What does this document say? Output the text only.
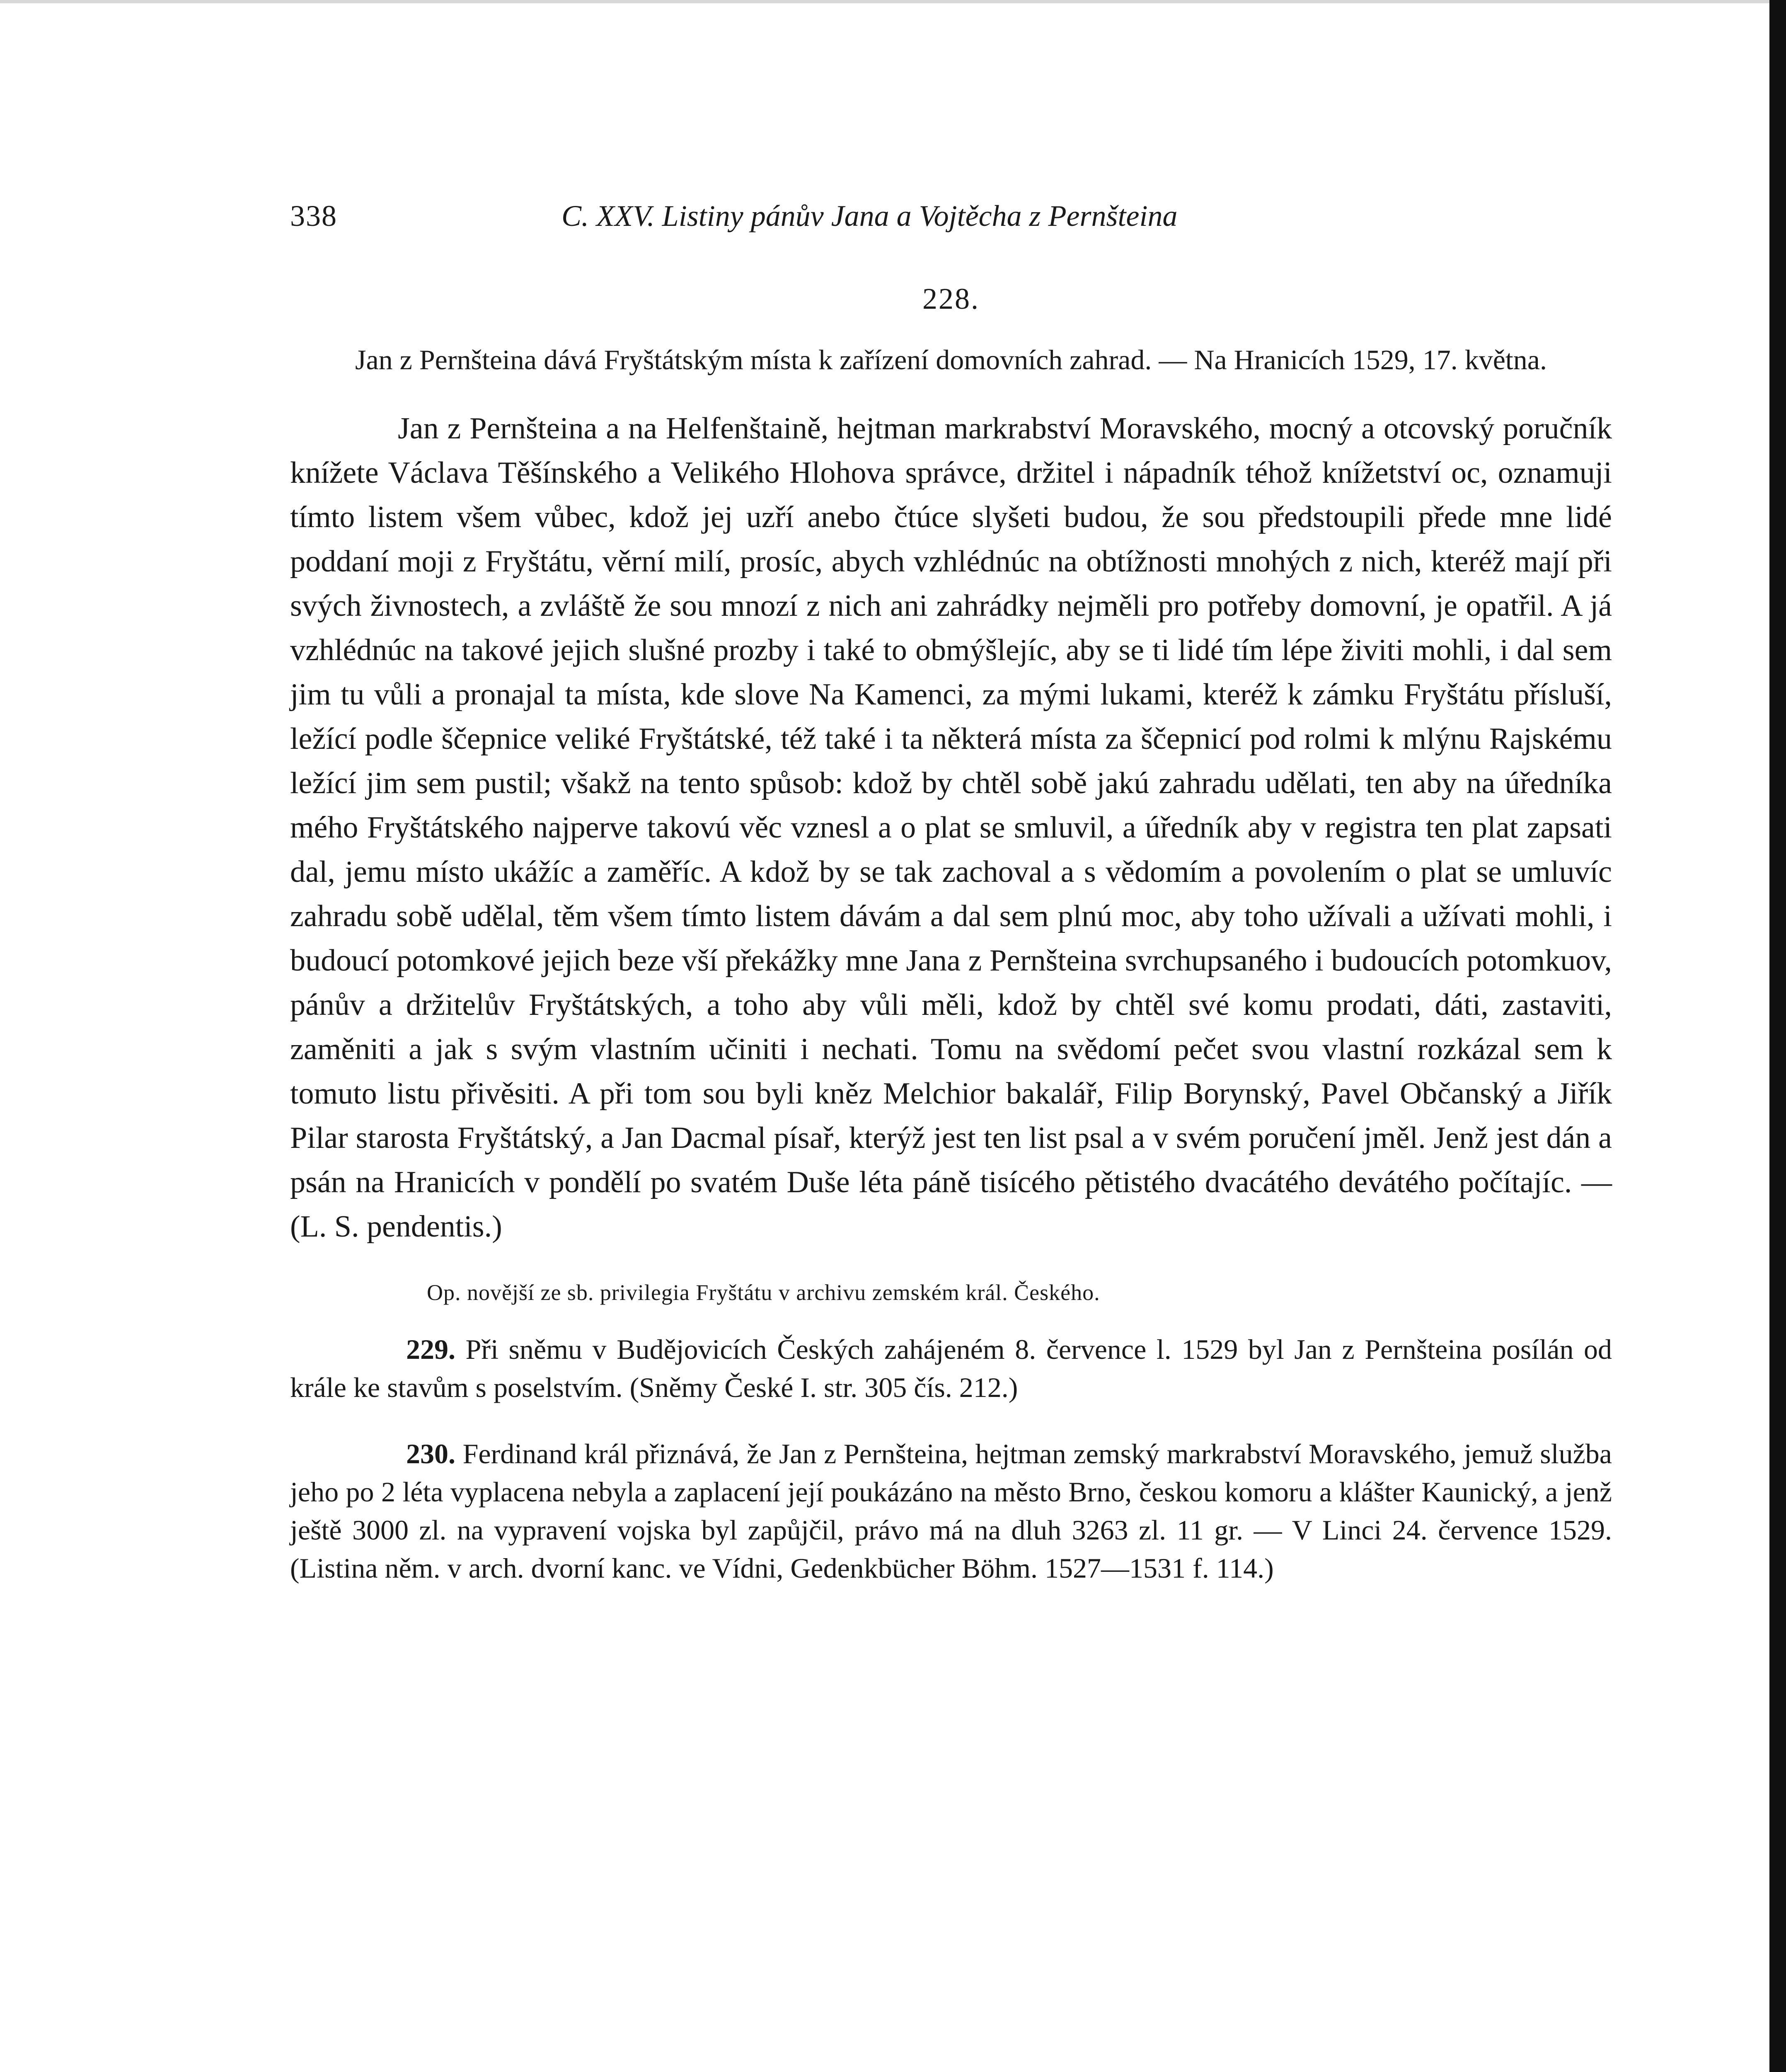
338	C. XXV. Listiny pánův Jana a Vojtěcha z Pernšteina
228.

Jan z Pernšteina dává Fryštátským místa k zařízení domovních zahrad. — Na Hranicích 1529, 17. května.

Jan z Pernšteina a na Helfenštaině, hejtman markrabství Moravského, mocný a otcovský poručník knížete Václava Těšínského a Velikého Hlohova správce, držitel i nápadník téhož knížetství oc, oznamuji tímto listem všem vůbec, kdož jej uzří anebo čtúce slyšeti budou, že sou předstoupili přede mne lidé poddaní moji z Fryštátu, věrní milí, prosíc, abych vzhlédnúc na obtížnosti mnohých z nich, kteréž mají při svých živnostech, a zvláště že sou mnozí z nich ani zahrádky nejměli pro potřeby domovní, je opatřil. A já vzhlédnúc na takové jejich slušné prozby i také to obmýšlejíc, aby se ti lidé tím lépe živiti mohli, i dal sem jim tu vůli a pronajal ta místa, kde slove Na Kamenci, za mými lukami, kteréž k zámku Fryštátu přísluší, ležící podle ščepnice veliké Fryštátské, též také i ta některá místa za ščepnicí pod rolmi k mlýnu Rajskému ležící jim sem pustil; všakž na tento spůsob: kdož by chtěl sobě jakú zahradu udělati, ten aby na úředníka mého Fryštátského najperve takovú věc vznesl a o plat se smluvil, a úředník aby v registra ten plat zapsati dal, jemu místo ukážíc a zaměříc. A kdož by se tak zachoval a s vědomím a povolením o plat se umluvíc zahradu sobě udělal, těm všem tímto listem dávám a dal sem plnú moc, aby toho užívali a užívati mohli, i budoucí potomkové jejich beze vší překážky mne Jana z Pernšteina svrchupsaného i budoucích potomkuov, pánův a držitelův Fryštátských, a toho aby vůli měli, kdož by chtěl své komu prodati, dáti, zastaviti, zaměniti a jak s svým vlastním učiniti i nechati. Tomu na svědomí pečet svou vlastní rozkázal sem k tomuto listu přivěsiti. A při tom sou byli kněz Melchior bakalář, Filip Borynský, Pavel Občanský a Jiřík Pilar starosta Fryštátský, a Jan Dacmal písař, kterýž jest ten list psal a v svém poručení jměl. Jenž jest dán a psán na Hranicích v pondělí po svatém Duše léta páně tisícého pětistého dvacátého devátého počítajíc. — (L. S. pendentis.)

Op. novější ze sb. privilegia Fryštátu v archivu zemském král. Českého.

229. Při sněmu v Budějovicích Českých zahájeném 8. července l. 1529 byl Jan z Pernšteina posílán od krále ke stavům s poselstvím. (Sněmy České I. str. 305 čís. 212.)

230. Ferdinand král přiznává, že Jan z Pernšteina, hejtman zemský markrabství Moravského, jemuž služba jeho po 2 léta vyplacena nebyla a zaplacení její poukázáno na město Brno, českou komoru a klášter Kaunický, a jenž ještě 3000 zl. na vypravení vojska byl zapůjčil, právo má na dluh 3263 zl. 11 gr. — V Linci 24. července 1529. (Listina něm. v arch. dvorní kanc. ve Vídni, Gedenkbücher Böhm. 1527—1531 f. 114.)
